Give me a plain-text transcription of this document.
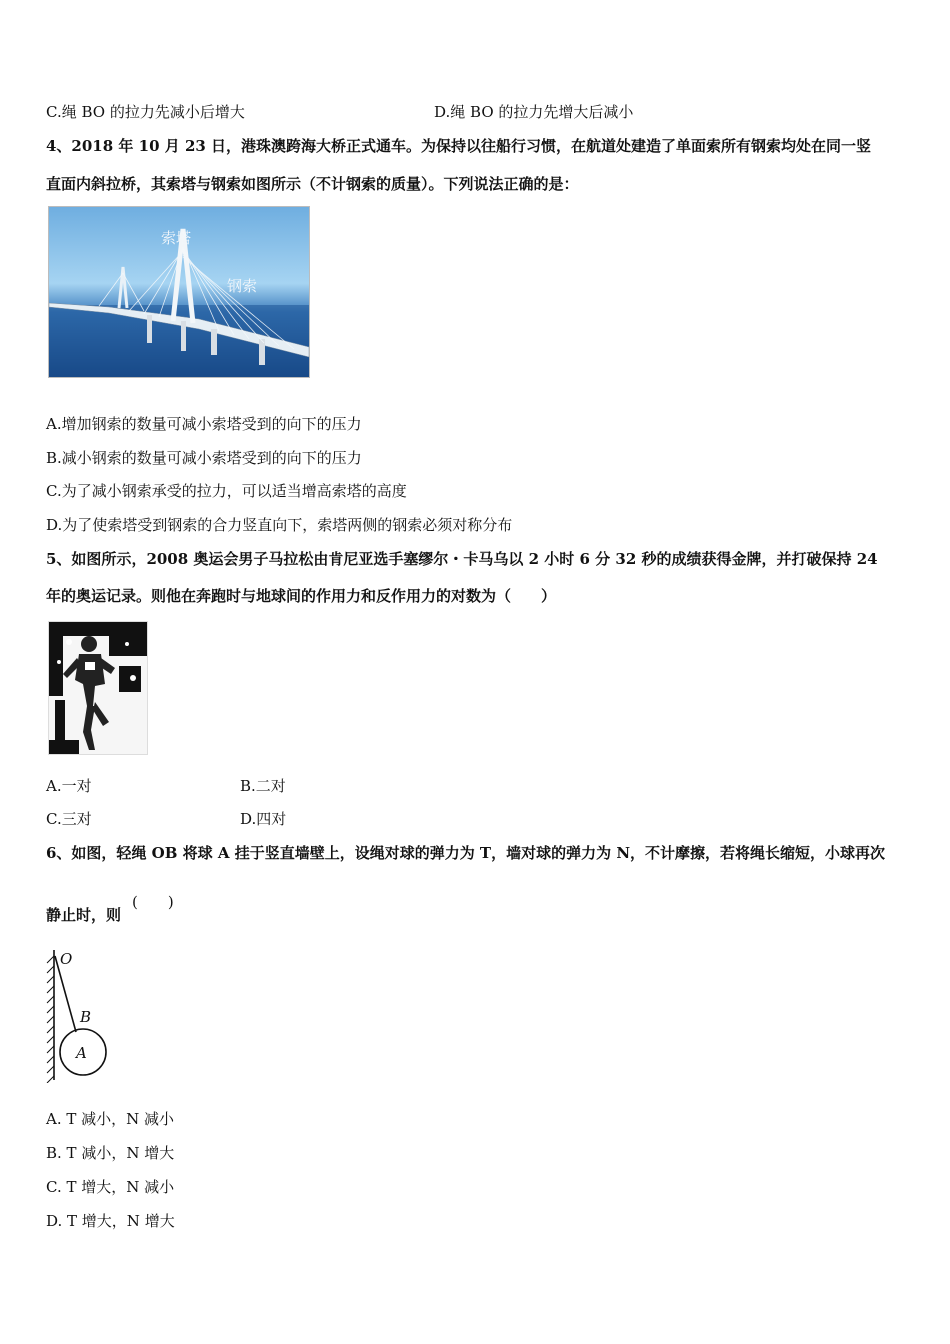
C.绳 BO 的拉力先减小后增大	D.绳 BO 的拉力先增大后减小
4、2018 年 10 月 23 日，港珠澳跨海大桥正式通车。为保持以往船行习惯，在航道处建造了单面索所有钢索均处在同一竖
直面内斜拉桥，其索塔与钢索如图所示（不计钢索的质量）。下列说法正确的是：
索塔
钢索
A.增加钢索的数量可减小索塔受到的向下的压力
B.减小钢索的数量可减小索塔受到的向下的压力
C.为了减小钢索承受的拉力，可以适当增高索塔的高度
D.为了使索塔受到钢索的合力竖直向下，索塔两侧的钢索必须对称分布
5、如图所示，2008 奥运会男子马拉松由肯尼亚选手塞缪尔・卡马乌以 2 小时 6 分 32 秒的成绩获得金牌，并打破保持 24
年的奥运记录。则他在奔跑时与地球间的作用力和反作用力的对数为（　　）
A.一对	B.二对
C.三对	D.四对
6、如图，轻绳 OB 将球 A 挂于竖直墙壁上，设绳对球的弹力为 T，墙对球的弹力为 N，不计摩擦，若将绳长缩短，小球再次
静止时，则
(　　)
O
B
A
A. T 减小，N 减小
B. T 减小，N 增大
C. T 增大，N 减小
D. T 增大，N 增大
